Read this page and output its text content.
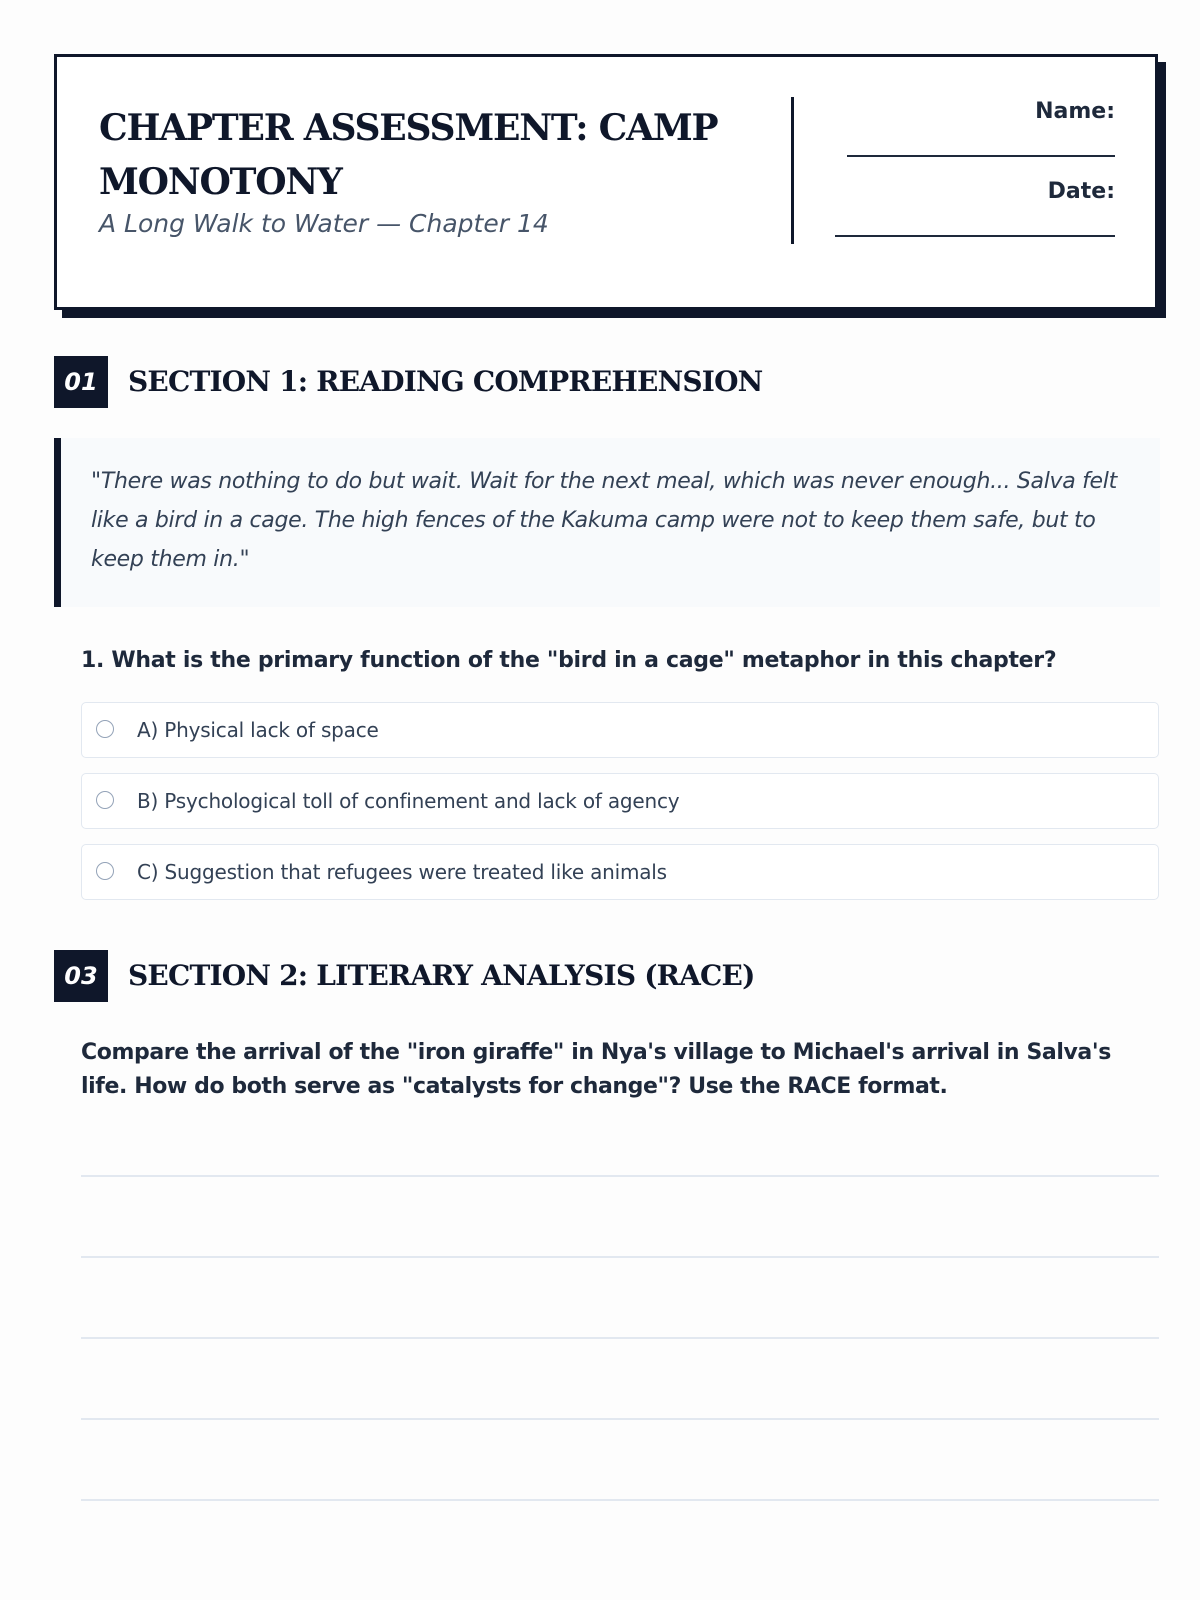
CHAPTER ASSESSMENT: CAMP MONOTONY

A Long Walk to Water — Chapter 14

Name:
Date:
01	SECTION 1: READING COMPREHENSION
"There was nothing to do but wait. Wait for the next meal, which was never enough... Salva felt like a bird in a cage. The high fences of the Kakuma camp were not to keep them safe, but to keep them in."
1. What is the primary function of the "bird in a cage" metaphor in this chapter?
A) Physical lack of space
B) Psychological toll of confinement and lack of agency
C) Suggestion that refugees were treated like animals
03	SECTION 2: LITERARY ANALYSIS (RACE)

Compare the arrival of the "iron giraffe" in Nya's village to Michael's arrival in Salva's life. How do both serve as "catalysts for change"? Use the RACE format.
